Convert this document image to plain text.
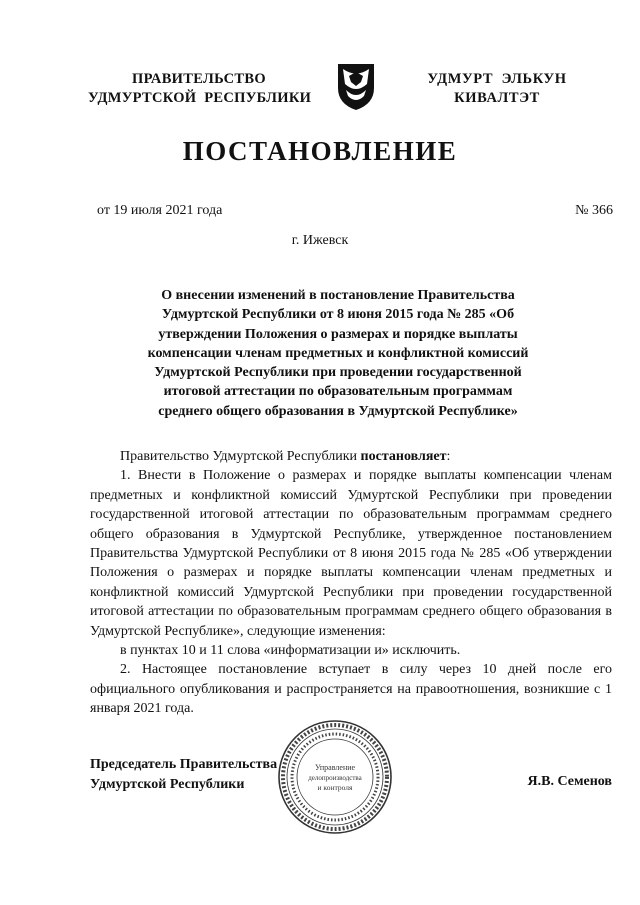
ПРАВИТЕЛЬСТВО
УДМУРТСКОЙ  РЕСПУБЛИКИ
УДМУРТ  ЭЛЬКУН
КИВАЛТЭТ
ПОСТАНОВЛЕНИЕ
от 19 июля 2021 года	№ 366
г. Ижевск
О внесении изменений в постановление Правительства
Удмуртской Республики от 8 июня 2015 года № 285 «Об
утверждении Положения о размерах и порядке выплаты
компенсации членам предметных и конфликтной комиссий
Удмуртской Республики при проведении государственной
итоговой аттестации по образовательным программам
среднего общего образования в Удмуртской Республике»

Правительство Удмуртской Республики постановляет:

1. Внести в Положение о размерах и порядке выплаты компенсации членам предметных и конфликтной комиссий Удмуртской Республики при проведении государственной итоговой аттестации по образовательным программам среднего общего образования в Удмуртской Республике, утвержденное постановлением Правительства Удмуртской Республики от 8 июня 2015 года № 285 «Об утверждении Положения о размерах и порядке выплаты компенсации членам предметных и конфликтной комиссий Удмуртской Республики при проведении государственной итоговой аттестации по образовательным программам среднего общего образования в Удмуртской Республике», следующие изменения:

в пунктах 10 и 11 слова «информатизации и» исключить.

2. Настоящее постановление вступает в силу через 10 дней после его официального опубликования и распространяется на правоотношения, возникшие с 1 января 2021 года.

Председатель Правительства
Удмуртской Республики
Управление
делопроизводства
и контроля	Я.В. Семенов
